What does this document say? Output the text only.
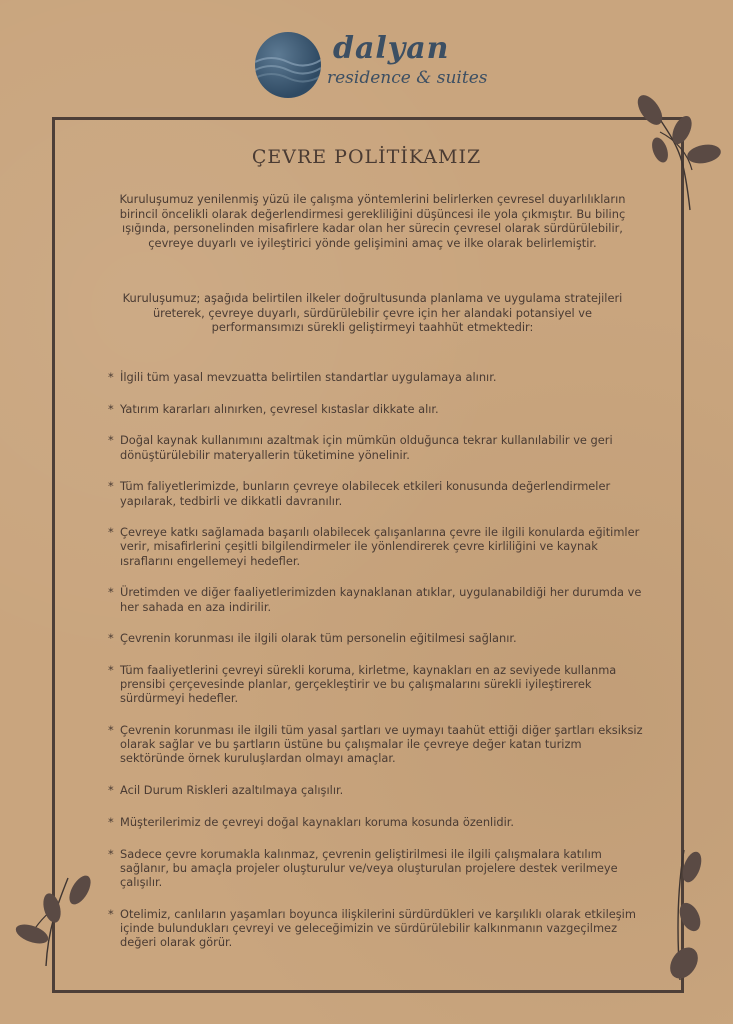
dalyan
residence & suites
ÇEVRE POLİTİKAMIZ

Kuruluşumuz yenilenmiş yüzü ile çalışma yöntemlerini belirlerken çevresel duyarlılıkların birincil öncelikli olarak değerlendirmesi gerekliliğini düşüncesi ile yola çıkmıştır. Bu bilinç ışığında, personelinden misafirlere kadar olan her sürecin çevresel olarak sürdürülebilir, çevreye duyarlı ve iyileştirici yönde gelişimini amaç ve ilke olarak belirlemiştir.

Kuruluşumuz; aşağıda belirtilen ilkeler doğrultusunda planlama ve uygulama stratejileri üreterek, çevreye duyarlı, sürdürülebilir çevre için her alandaki potansiyel ve performansımızı sürekli geliştirmeyi taahhüt etmektedir:

* İlgili tüm yasal mevzuatta belirtilen standartlar uygulamaya alınır.
* Yatırım kararları alınırken, çevresel kıstaslar dikkate alır.
* Doğal kaynak kullanımını azaltmak için mümkün olduğunca tekrar kullanılabilir ve geri dönüştürülebilir materyallerin tüketimine yönelinir.
* Tüm faliyetlerimizde, bunların çevreye olabilecek etkileri konusunda değerlendirmeler yapılarak, tedbirli ve dikkatli davranılır.
* Çevreye katkı sağlamada başarılı olabilecek çalışanlarına çevre ile ilgili konularda eğitimler verir, misafirlerini çeşitli bilgilendirmeler ile yönlendirerek çevre kirliliğini ve kaynak ısraflarını engellemeyi hedefler.
* Üretimden ve diğer faaliyetlerimizden kaynaklanan atıklar, uygulanabildiği her durumda ve her sahada en aza indirilir.
* Çevrenin korunması ile ilgili olarak tüm personelin eğitilmesi sağlanır.
* Tüm faaliyetlerini çevreyi sürekli koruma, kirletme, kaynakları en az seviyede kullanma prensibi çerçevesinde planlar, gerçekleştirir ve bu çalışmalarını sürekli iyileştirerek sürdürmeyi hedefler.
* Çevrenin korunması ile ilgili tüm yasal şartları ve uymayı taahüt ettiği diğer şartları eksiksiz olarak sağlar ve bu şartların üstüne bu çalışmalar ile çevreye değer katan turizm sektöründe örnek kuruluşlardan olmayı amaçlar.
* Acil Durum Riskleri azaltılmaya çalışılır.
* Müşterilerimiz de çevreyi doğal kaynakları koruma kosunda özenlidir.
* Sadece çevre korumakla kalınmaz, çevrenin geliştirilmesi ile ilgili çalışmalara katılım sağlanır, bu amaçla projeler oluşturulur ve/veya oluşturulan projelere destek verilmeye çalışılır.
* Otelimiz, canlıların yaşamları boyunca ilişkilerini sürdürdükleri ve karşılıklı olarak etkileşim içinde bulundukları çevreyi ve geleceğimizin ve sürdürülebilir kalkınmanın vazgeçilmez değeri olarak görür.
